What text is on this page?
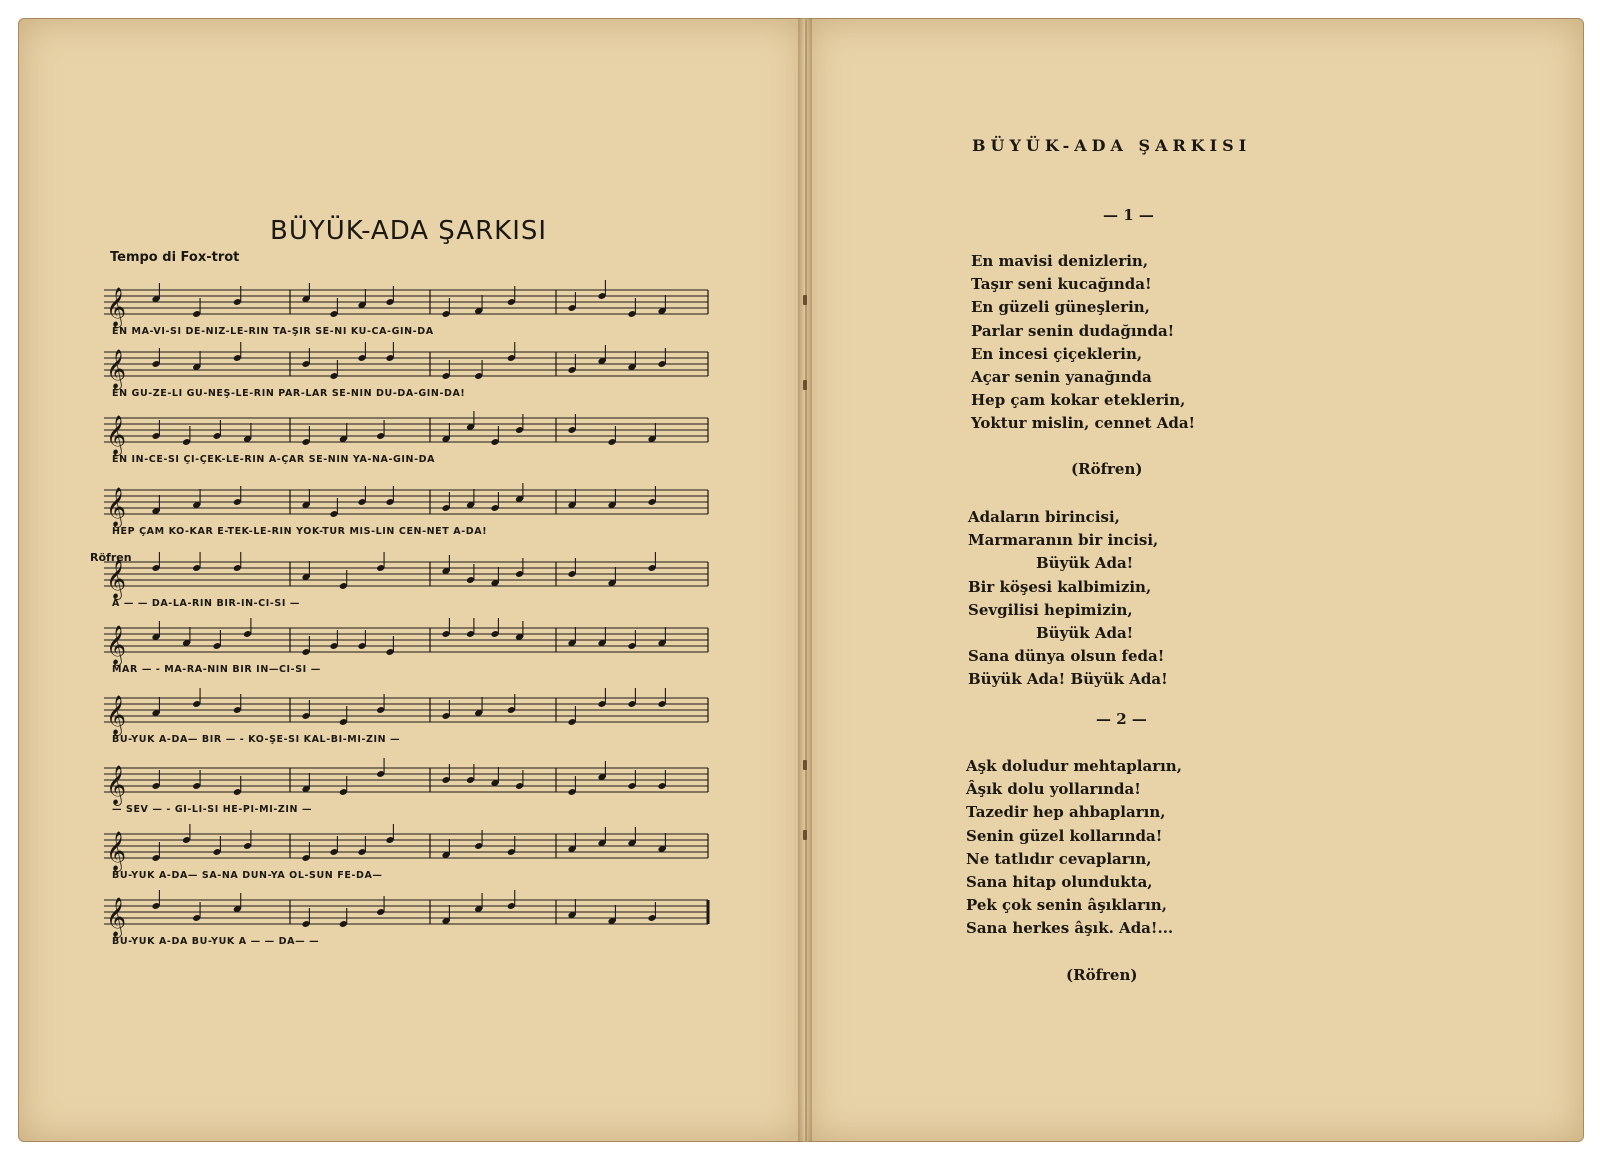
BÜYÜK-ADA ŞARKISI
Tempo di Fox-trot
Röfren
𝄞
EN MA-VI-SI DE-NIZ-LE-RIN TA-ŞIR SE-NI KU-CA-ĞIN-DA
𝄞
EN GÜ-ZE-LI GÜ-NEŞ-LE-RIN PAR-LAR SE-NIN DU-DA-ĞIN-DA!
𝄞
EN IN-CE-SI ÇI-ÇEK-LE-RIN A-ÇAR SE-NIN YA-NA-ĞIN-DA
𝄞
HEP ÇAM KO-KAR E-TEK-LE-RIN YOK-TUR MIS-LIN CEN-NET A-DA!
𝄞
A — — DA-LA-RIN BIR-IN-CI-SI —
𝄞
MAR — - MA-RA-NIN BIR IN—CI-SI —
𝄞
BÜ-YÜK A-DA— BIR — - KÖ-ŞE-SI KAL-BI-MI-ZIN —
𝄞
— SEV — - GI-LI-SI HE-PI-MI-ZIN —
𝄞
BÜ-YÜK A-DA— SA-NA DÜN-YA OL-SUN FE-DA—
𝄞
BÜ-YÜK A-DA BÜ-YÜK A — — DA— —
BÜYÜK-ADA ŞARKISI
— 1 —
En mavisi denizlerin,
Taşır seni kucağında!
En güzeli güneşlerin,
Parlar senin dudağında!
En incesi çiçeklerin,
Açar senin yanağında
Hep çam kokar eteklerin,
Yoktur mislin, cennet Ada!
(Röfren)
Adaların birincisi,
Marmaranın bir incisi,
Büyük Ada!
Bir köşesi kalbimizin,
Sevgilisi hepimizin,
Büyük Ada!
Sana dünya olsun feda!
Büyük Ada! Büyük Ada!
— 2 —
Aşk doludur mehtapların,
Âşık dolu yollarında!
Tazedir hep ahbapların,
Senin güzel kollarında!
Ne tatlıdır cevapların,
Sana hitap olundukta,
Pek çok senin âşıkların,
Sana herkes âşık. Ada!...
(Röfren)
